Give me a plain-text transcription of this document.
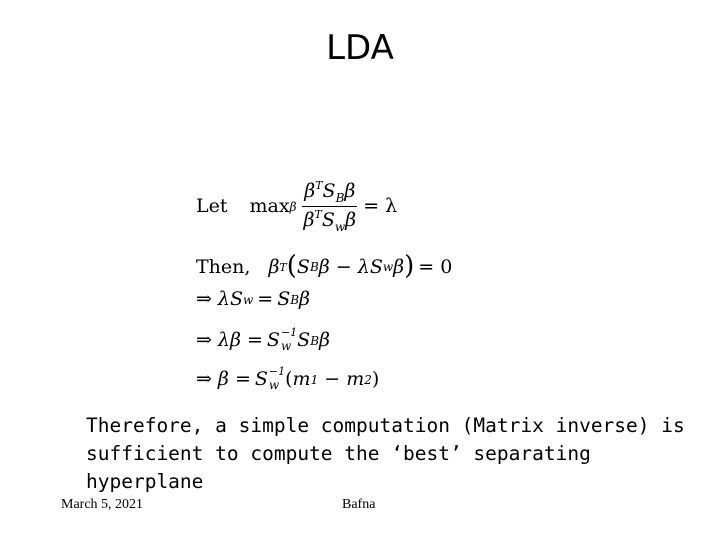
LDA
Let max β $\frac{\beta^TS_B\beta}{\beta^TS_w\beta} = \lambda$
Then, β T ( S B β − λ S w β ) = 0
⇒ λS w = S B β
⇒ λβ = S −1
w S B β
⇒ β = S −1
w ( m 1 − m 2 )
Therefore, a simple computation (Matrix inverse) is sufficient to compute the ‘best’ separating hyperplane
March 5, 2021	Bafna
